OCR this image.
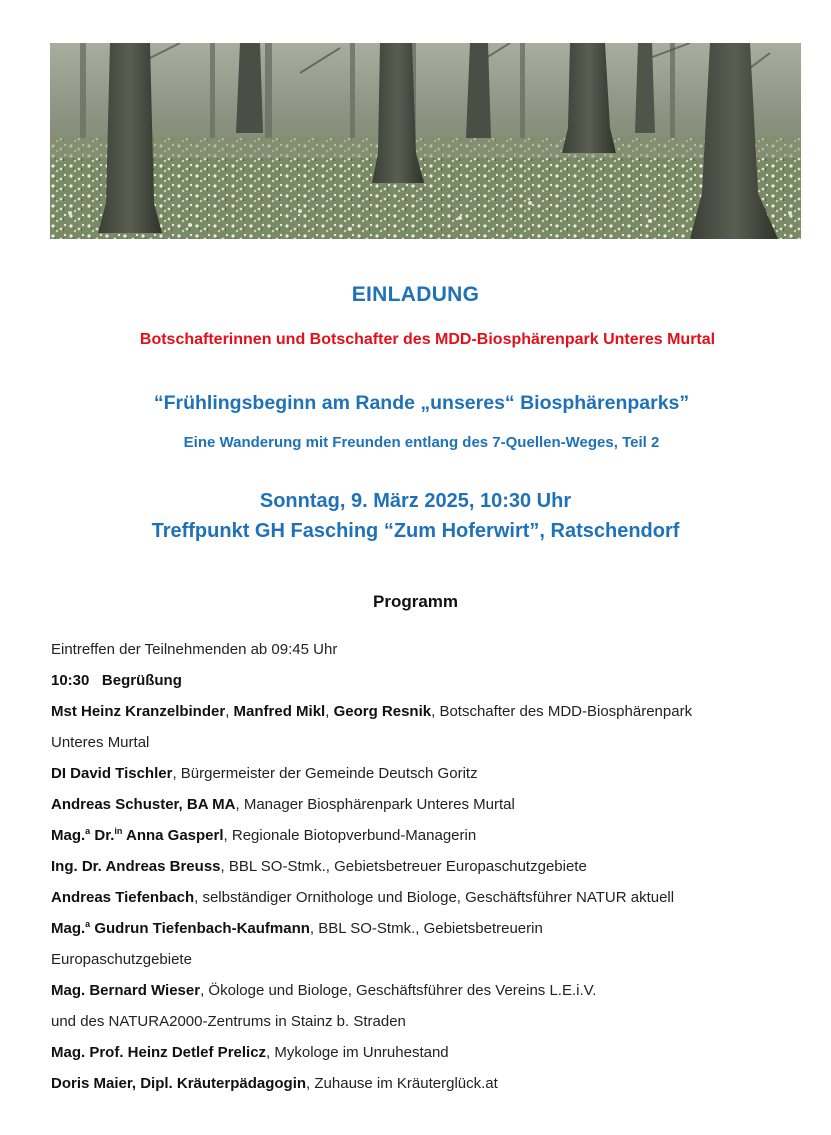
EINLADUNG
Botschafterinnen und Botschafter des MDD-Biosphärenpark Unteres Murtal
“Frühlingsbeginn am Rande „unseres“ Biosphärenparks”
Eine Wanderung mit Freunden entlang des 7-Quellen-Weges, Teil 2
Sonntag, 9. März 2025, 10:30 Uhr
Treffpunkt GH Fasching “Zum Hoferwirt”, Ratschendorf
Programm
Eintreffen der Teilnehmenden ab 09:45 Uhr
10:30 Begrüßung
Mst Heinz Kranzelbinder, Manfred Mikl, Georg Resnik, Botschafter des MDD-Biosphärenpark
Unteres Murtal
DI David Tischler, Bürgermeister der Gemeinde Deutsch Goritz
Andreas Schuster, BA MA, Manager Biosphärenpark Unteres Murtal
Mag.$^a$ Dr.$^{in}$ Anna Gasperl, Regionale Biotopverbund-Managerin
Ing. Dr. Andreas Breuss, BBL SO-Stmk., Gebietsbetreuer Europaschutzgebiete
Andreas Tiefenbach, selbständiger Ornithologe und Biologe, Geschäftsführer NATUR aktuell
Mag.$^a$ Gudrun Tiefenbach-Kaufmann, BBL SO-Stmk., Gebietsbetreuerin
Europaschutzgebiete
Mag. Bernard Wieser, Ökologe und Biologe, Geschäftsführer des Vereins L.E.i.V.
und des NATURA2000-Zentrums in Stainz b. Straden
Mag. Prof. Heinz Detlef Prelicz, Mykologe im Unruhestand
Doris Maier, Dipl. Kräuterpädagogin, Zuhause im Kräuterglück.at
